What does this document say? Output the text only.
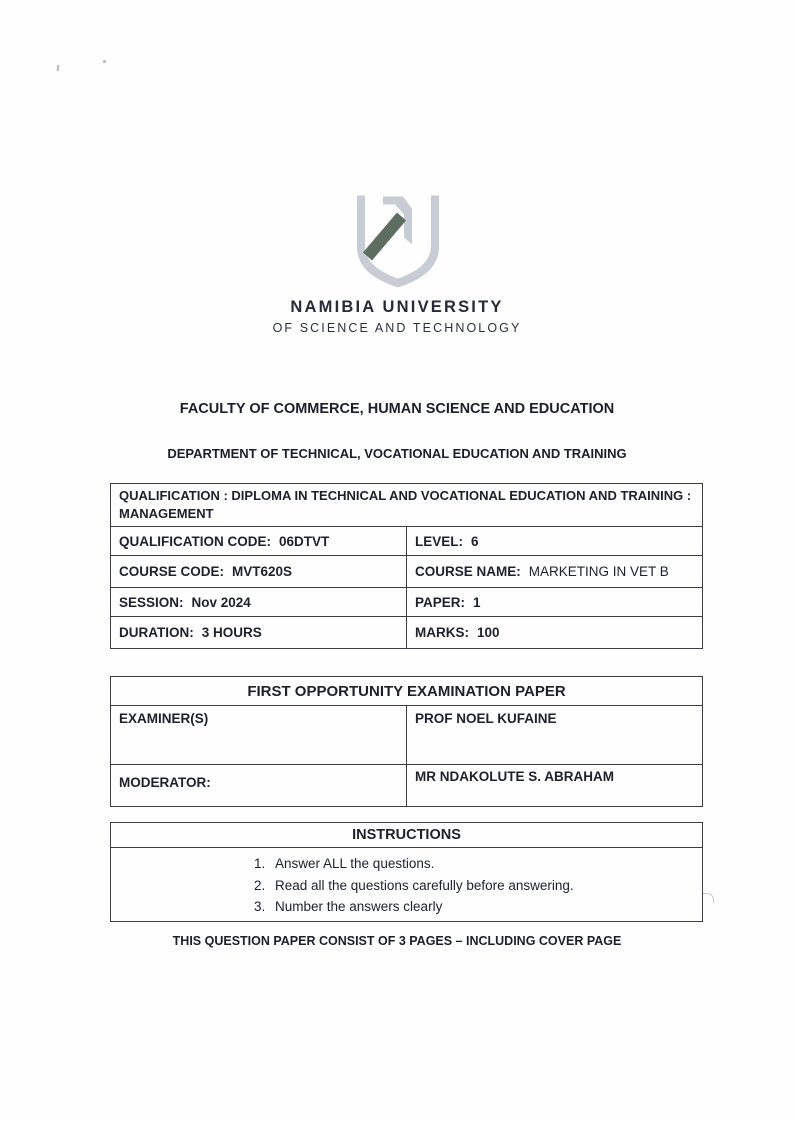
NAMIBIA UNIVERSITY
OF SCIENCE AND TECHNOLOGY
FACULTY OF COMMERCE, HUMAN SCIENCE AND EDUCATION
DEPARTMENT OF TECHNICAL, VOCATIONAL EDUCATION AND TRAINING
QUALIFICATION : DIPLOMA IN TECHNICAL AND VOCATIONAL EDUCATION AND TRAINING : MANAGEMENT	
QUALIFICATION CODE: 06DTVT	LEVEL: 6
COURSE CODE: MVT620S	COURSE NAME: MARKETING IN VET B
SESSION: Nov 2024	PAPER: 1
DURATION: 3 HOURS	MARKS: 100
FIRST OPPORTUNITY EXAMINATION PAPER	
EXAMINER(S)	PROF NOEL KUFAINE
MODERATOR:	MR NDAKOLUTE S. ABRAHAM
INSTRUCTIONS

1. Answer ALL the questions.
2. Read all the questions carefully before answering.
3. Number the answers clearly
THIS QUESTION PAPER CONSIST OF 3 PAGES – INCLUDING COVER PAGE
